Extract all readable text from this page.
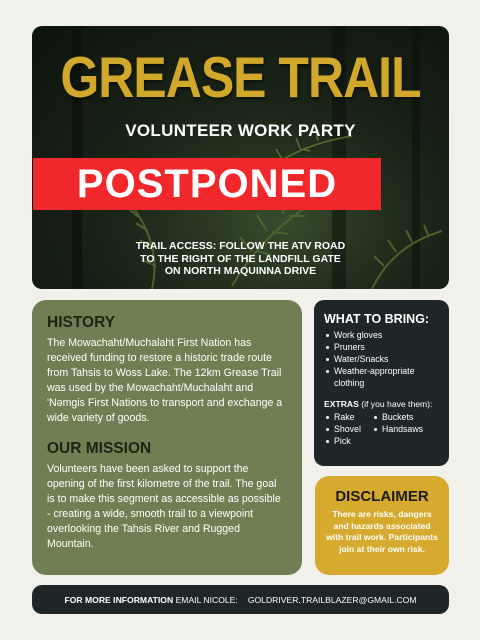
GREASE TRAIL
VOLUNTEER WORK PARTY
TRAIL ACCESS: FOLLOW THE ATV ROAD
TO THE RIGHT OF THE LANDFILL GATE
ON NORTH MAQUINNA DRIVE
POSTPONED
HISTORY

The Mowachaht/Muchalaht First Nation has received funding to restore a historic trade route from Tahsis to Woss Lake. The 12km Grease Trail was used by the Mowachaht/Muchalaht and 'Nəmgis First Nations to transport and exchange a wide variety of goods.

OUR MISSION

Volunteers have been asked to support the opening of the first kilometre of the trail. The goal is to make this segment as accessible as possible - creating a wide, smooth trail to a viewpoint overlooking the Tahsis River and Rugged Mountain.

WHAT TO BRING:
Work gloves
Pruners
Water/Snacks
Weather-appropriate clothing
EXTRAS (if you have them):
Rake	Buckets
Shovel	Handsaws
Pick
DISCLAIMER

There are risks, dangers and hazards associated with trail work. Participants join at their own risk.

FOR MORE INFORMATION EMAIL NICOLE: GOLDRIVER.TRAILBLAZER@GMAIL.COM
